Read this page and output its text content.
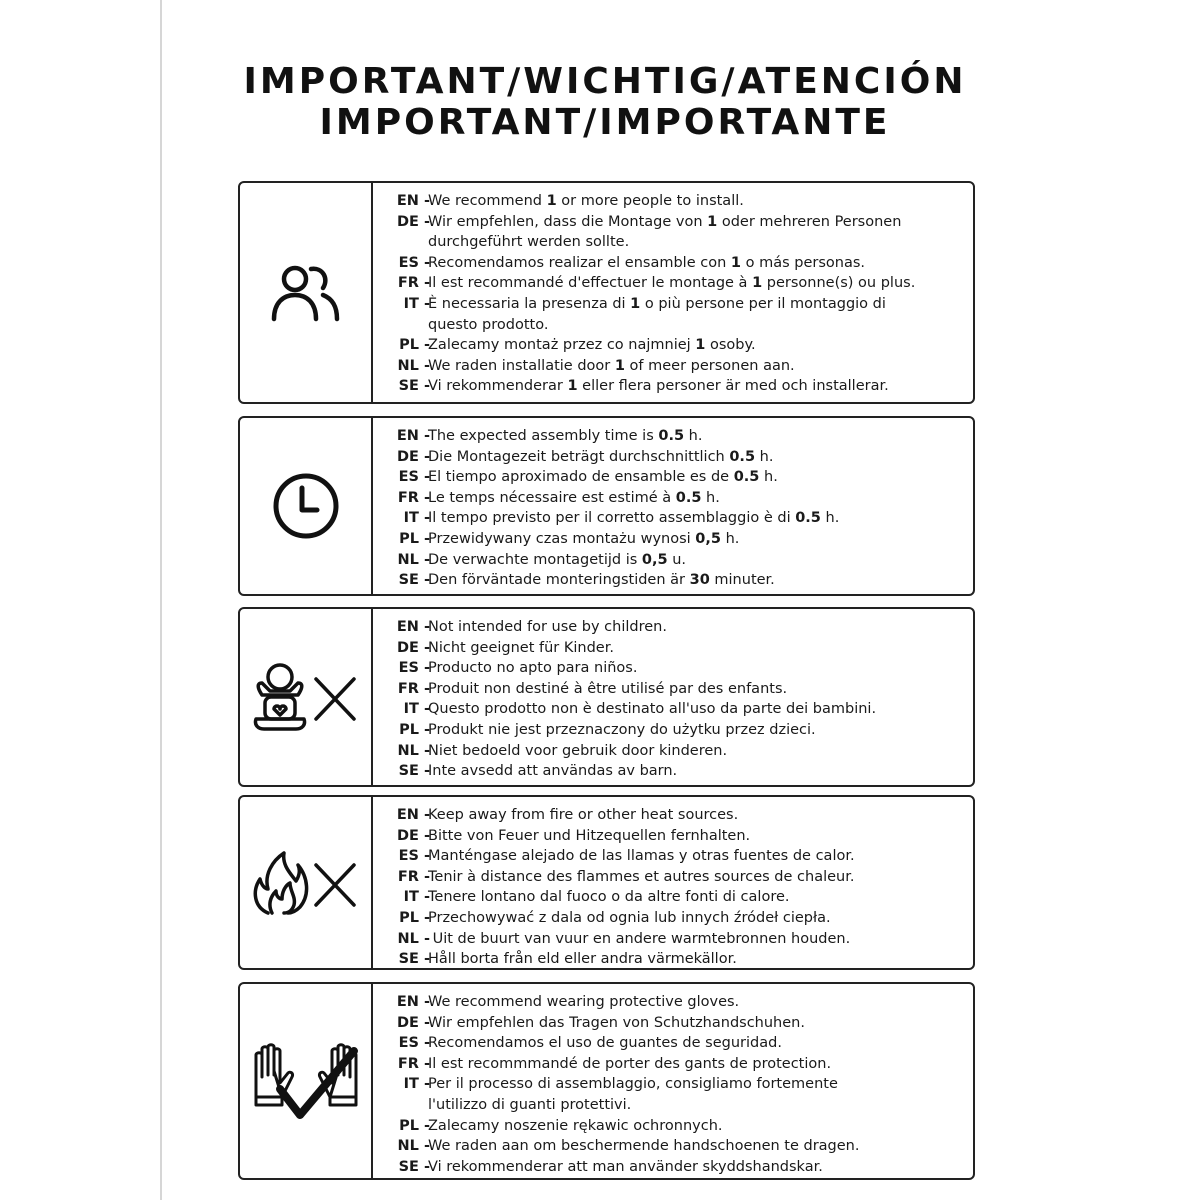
IMPORTANT/WICHTIG/ATENCIÓN
IMPORTANT/IMPORTANTE
EN -
We recommend 1 or more people to install.
DE -
Wir empfehlen, dass die Montage von 1 oder mehreren Personen
durchgeführt werden sollte.
ES -
Recomendamos realizar el ensamble con 1 o más personas.
FR -
Il est recommandé d'effectuer le montage à 1 personne(s) ou plus.
IT -
È necessaria la presenza di 1 o più persone per il montaggio di
questo prodotto.
PL -
Zalecamy montaż przez co najmniej 1 osoby.
NL -
We raden installatie door 1 of meer personen aan.
SE -
Vi rekommenderar 1 eller flera personer är med och installerar.
EN -
The expected assembly time is 0.5 h.
DE -
Die Montagezeit beträgt durchschnittlich 0.5 h.
ES -
El tiempo aproximado de ensamble es de 0.5 h.
FR -
Le temps nécessaire est estimé à 0.5 h.
IT -
Il tempo previsto per il corretto assemblaggio è di 0.5 h.
PL -
Przewidywany czas montażu wynosi 0,5 h.
NL -
De verwachte montagetijd is 0,5 u.
SE -
Den förväntade monteringstiden är 30 minuter.
EN -
Not intended for use by children.
DE -
Nicht geeignet für Kinder.
ES -
Producto no apto para niños.
FR -
Produit non destiné à être utilisé par des enfants.
IT -
Questo prodotto non è destinato all'uso da parte dei bambini.
PL -
Produkt nie jest przeznaczony do użytku przez dzieci.
NL -
Niet bedoeld voor gebruik door kinderen.
SE -
Inte avsedd att användas av barn.
EN -
Keep away from fire or other heat sources.
DE -
Bitte von Feuer und Hitzequellen fernhalten.
ES -
Manténgase alejado de las llamas y otras fuentes de calor.
FR -
Tenir à distance des flammes et autres sources de chaleur.
IT -
Tenere lontano dal fuoco o da altre fonti di calore.
PL -
Przechowywać z dala od ognia lub innych źródeł ciepła.
NL -
Uit de buurt van vuur en andere warmtebronnen houden.
SE -
Håll borta från eld eller andra värmekällor.
EN -
We recommend wearing protective gloves.
DE -
Wir empfehlen das Tragen von Schutzhandschuhen.
ES -
Recomendamos el uso de guantes de seguridad.
FR -
Il est recommmandé de porter des gants de protection.
IT -
Per il processo di assemblaggio, consigliamo fortemente
l'utilizzo di guanti protettivi.
PL -
Zalecamy noszenie rękawic ochronnych.
NL -
We raden aan om beschermende handschoenen te dragen.
SE -
Vi rekommenderar att man använder skyddshandskar.
